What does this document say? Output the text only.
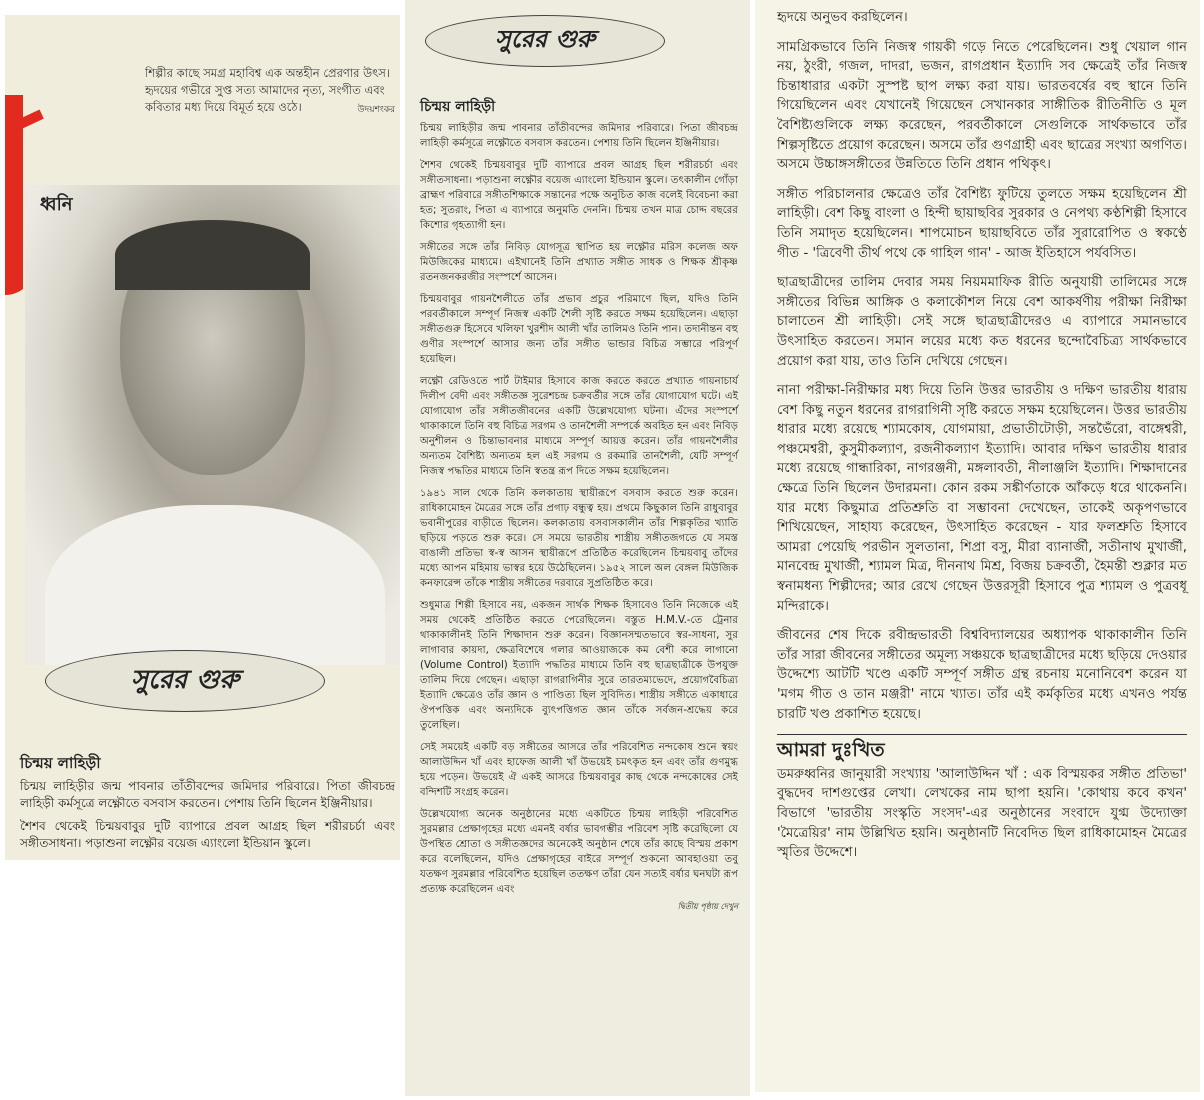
শিল্পীর কাছে সমগ্র মহাবিশ্ব এক অন্তহীন প্রেরণার উৎস। হৃদয়ের গভীরে সুপ্ত সত্য আমাদের নৃত্য, সংগীত এবং কবিতার মধ্য দিয়ে বিমূর্ত হয়ে ওঠে।	উদয়শংকর
ধ্বনি
সুরের গুরু
চিন্ময় লাহিড়ী

চিন্ময় লাহিড়ীর জন্ম পাবনার তাঁতীবন্দের জমিদার পরিবারে। পিতা জীবচন্দ্র লাহিড়ী কর্মসূত্রে লক্ষ্ণৌতে বসবাস করতেন। পেশায় তিনি ছিলেন ইঞ্জিনীয়ার।

শৈশব থেকেই চিন্ময়বাবুর দুটি ব্যাপারে প্রবল আগ্রহ ছিল শরীরচর্চা এবং সঙ্গীতসাধনা। পড়াশুনা লক্ষ্ণৌর বয়েজ এ্যাংলো ইন্ডিয়ান স্কুলে।

সুরের গুরু
চিন্ময় লাহিড়ী

চিন্ময় লাহিড়ীর জন্ম পাবনার তাঁতীবন্দের জমিদার পরিবারে। পিতা জীবচন্দ্র লাহিড়ী কর্মসূত্রে লক্ষ্ণৌতে বসবাস করতেন। পেশায় তিনি ছিলেন ইঞ্জিনীয়ার।

শৈশব থেকেই চিন্ময়বাবুর দুটি ব্যাপারে প্রবল আগ্রহ ছিল শরীরচর্চা এবং সঙ্গীতসাধনা। পড়াশুনা লক্ষ্ণৌর বয়েজ এ্যাংলো ইন্ডিয়ান স্কুলে। তৎকালীন গোঁড়া ব্রাহ্মণ পরিবারে সঙ্গীতশিক্ষাকে সন্তানের পক্ষে অনুচিত কাজ বলেই বিবেচনা করা হত; সুতরাং, পিতা এ ব্যাপারে অনুমতি দেননি। চিন্ময় তখন মাত্র চোদ্দ বছরের কিশোর গৃহত্যাগী হন।

সঙ্গীতের সঙ্গে তাঁর নিবিড় যোগসূত্র স্থাপিত হয় লক্ষ্ণৌর মরিস কলেজ অফ মিউজিকের মাধ্যমে। এইখানেই তিনি প্রখ্যাত সঙ্গীত সাধক ও শিক্ষক শ্রীকৃষ্ণ রতনজনকরজীর সংস্পর্শে আসেন।

চিন্ময়বাবুর গায়নশৈলীতে তাঁর প্রভাব প্রচুর পরিমাণে ছিল, যদিও তিনি পরবর্তীকালে সম্পূর্ণ নিজস্ব একটি শৈলী সৃষ্টি করতে সক্ষম হয়েছিলেন। এছাড়া সঙ্গীতগুরু হিসেবে খলিফা খুরশীদ আলী খাঁর তালিমও তিনি পান। তদানীন্তন বহু গুণীর সংস্পর্শে আসার জন্য তাঁর সঙ্গীত ভান্ডার বিচিত্র সম্ভারে পরিপূর্ণ হয়েছিল।

লক্ষ্ণৌ রেডিওতে পার্ট টাইমার হিসাবে কাজ করতে করতে প্রখ্যাত গায়নাচার্য দিলীপ বেদী এবং সঙ্গীতজ্ঞ সুরেশচন্দ্র চক্রবর্তীর সঙ্গে তাঁর যোগাযোগ ঘটে। এই যোগাযোগ তাঁর সঙ্গীতজীবনের একটি উল্লেখযোগ্য ঘটনা। এঁদের সংস্পর্শে থাকাকালে তিনি বহু বিচিত্র সরগম ও তানশৈলী সম্পর্কে অবহিত হন এবং নিবিড় অনুশীলন ও চিন্তাভাবনার মাধ্যমে সম্পূর্ণ আয়ত্ত করেন। তাঁর গায়নশৈলীর অন্যতম বৈশিষ্ট্য অন্যতম হল এই সরগম ও রকমারি তানশৈলী, যেটি সম্পূর্ণ নিজস্ব পদ্ধতির মাধ্যমে তিনি স্বতন্ত্র রূপ দিতে সক্ষম হয়েছিলেন।

১৯৪১ সাল থেকে তিনি কলকাতায় স্থায়ীরূপে বসবাস করতে শুরু করেন। রাধিকামোহন মৈত্রের সঙ্গে তাঁর প্রগাঢ় বন্ধুত্ব হয়। প্রথমে কিছুকাল তিনি রাধুবাবুর ভবানীপুরের বাড়ীতে ছিলেন। কলকাতায় বসবাসকালীন তাঁর শিল্পকৃতির খ্যাতি ছড়িয়ে পড়তে শুরু করে। সে সময়ে ভারতীয় শাস্ত্রীয় সঙ্গীতজগতে যে সমস্ত বাঙালী প্রতিভা স্ব-স্ব আসন স্থায়ীরূপে প্রতিষ্ঠিত করেছিলেন চিন্ময়বাবু তাঁদের মধ্যে আপন মহিমায় ভাস্বর হয়ে উঠেছিলেন। ১৯৫২ সালে অল বেঙ্গল মিউজিক কনফারেন্স তাঁকে শাস্ত্রীয় সঙ্গীতের দরবারে সুপ্রতিষ্ঠিত করে।

শুধুমাত্র শিল্পী হিসাবে নয়, একজন সার্থক শিক্ষক হিসাবেও তিনি নিজেকে এই সময় থেকেই প্রতিষ্ঠিত করতে পেরেছিলেন। বস্তুত H.M.V.-তে ট্রেনার থাকাকালীনই তিনি শিক্ষাদান শুরু করেন। বিজ্ঞানসম্মতভাবে স্বর-সাধনা, সুর লাগাবার কায়দা, ক্ষেত্রবিশেষে গলার আওয়াজকে কম বেশী করে লাগানো (Volume Control) ইত্যাদি পদ্ধতির মাধ্যমে তিনি বহু ছাত্রছাত্রীকে উপযুক্ত তালিম দিয়ে গেছেন। এছাড়া রাগরাগিনীর সুরে তারতম্যভেদে, প্রয়োগবৈচিত্র্য ইত্যাদি ক্ষেত্রেও তাঁর জ্ঞান ও পাণ্ডিত্য ছিল সুবিদিত। শাস্ত্রীয় সঙ্গীতে একাধারে ঔপপত্তিক এবং অন্যদিকে ব্যুৎপত্তিগত জ্ঞান তাঁকে সর্বজন-শ্রদ্ধেয় করে তুলেছিল।

সেই সময়েই একটি বড় সঙ্গীতের আসরে তাঁর পরিবেশিত নন্দকোষ শুনে স্বয়ং আলাউদ্দিন খাঁ এবং হাফেজ আলী খাঁ উভয়েই চমৎকৃত হন এবং তাঁর গুণমুগ্ধ হয়ে পড়েন। উভয়েই ঐ একই আসরে চিন্ময়বাবুর কাছ থেকে নন্দকোষের সেই বন্দিশটি সংগ্রহ করেন।

উল্লেখযোগ্য অনেক অনুষ্ঠানের মধ্যে একটিতে চিন্ময় লাহিড়ী পরিবেশিত সুরমল্লার প্রেক্ষাগৃহের মধ্যে এমনই বর্ষার ভাবগম্ভীর পরিবেশ সৃষ্টি করেছিলো যে উপস্থিত শ্রোতা ও সঙ্গীতজ্ঞদের অনেকেই অনুষ্ঠান শেষে তাঁর কাছে বিস্ময় প্রকাশ করে বলেছিলেন, যদিও প্রেক্ষাগৃহের বাইরে সম্পূর্ণ শুকনো আবহাওয়া তবু যতক্ষণ সুরমল্লার পরিবেশিত হয়েছিল ততক্ষণ তাঁরা যেন সত্যই বর্ষার ঘনঘটা রূপ প্রত্যক্ষ করেছিলেন এবং

দ্বিতীয় পৃষ্ঠায় দেখুন

হৃদয়ে অনুভব করছিলেন।

সামগ্রিকভাবে তিনি নিজস্ব গায়কী গড়ে নিতে পেরেছিলেন। শুধু খেয়াল গান নয়, ঠুংরী, গজল, দাদরা, ভজন, রাগপ্রধান ইত্যাদি সব ক্ষেত্রেই তাঁর নিজস্ব চিন্তাধারার একটা সুস্পষ্ট ছাপ লক্ষ্য করা যায়। ভারতবর্ষের বহু স্থানে তিনি গিয়েছিলেন এবং যেখানেই গিয়েছেন সেখানকার সাঙ্গীতিক রীতিনীতি ও মূল বৈশিষ্ট্যগুলিকে লক্ষ্য করেছেন, পরবর্তীকালে সেগুলিকে সার্থকভাবে তাঁর শিল্পসৃষ্টিতে প্রয়োগ করেছেন। অসমে তাঁর গুণগ্রাহী এবং ছাত্রের সংখ্যা অগণিত। অসমে উচ্চাঙ্গসঙ্গীতের উন্নতিতে তিনি প্রধান পথিকৃৎ।

সঙ্গীত পরিচালনার ক্ষেত্রেও তাঁর বৈশিষ্ট্য ফুটিয়ে তুলতে সক্ষম হয়েছিলেন শ্রী লাহিড়ী। বেশ কিছু বাংলা ও হিন্দী ছায়াছবির সুরকার ও নেপথ্য কণ্ঠশিল্পী হিসাবে তিনি সমাদৃত হয়েছিলেন। শাপমোচন ছায়াছবিতে তাঁর সুরারোপিত ও স্বকণ্ঠে গীত - 'ত্রিবেণী তীর্থ পথে কে গাহিল গান' - আজ ইতিহাসে পর্যবসিত।

ছাত্রছাত্রীদের তালিম দেবার সময় নিয়মমাফিক রীতি অনুযায়ী তালিমের সঙ্গে সঙ্গীতের বিভিন্ন আঙ্গিক ও কলাকৌশল নিয়ে বেশ আকর্ষণীয় পরীক্ষা নিরীক্ষা চালাতেন শ্রী লাহিড়ী। সেই সঙ্গে ছাত্রছাত্রীদেরও এ ব্যাপারে সমানভাবে উৎসাহিত করতেন। সমান লয়ের মধ্যে কত ধরনের ছন্দোবৈচিত্র্য সার্থকভাবে প্রয়োগ করা যায়, তাও তিনি দেখিয়ে গেছেন।

নানা পরীক্ষা-নিরীক্ষার মধ্য দিয়ে তিনি উত্তর ভারতীয় ও দক্ষিণ ভারতীয় ধারায় বেশ কিছু নতুন ধরনের রাগরাগিনী সৃষ্টি করতে সক্ষম হয়েছিলেন। উত্তর ভারতীয় ধারার মধ্যে রয়েছে শ্যামকোষ, যোগমায়া, প্রভাতীটোড়ী, সন্তভৈঁরো, বাঙ্গেশ্বরী, পঞ্চমেশ্বরী, কুসুমীকল্যাণ, রজনীকল্যাণ ইত্যাদি। আবার দক্ষিণ ভারতীয় ধারার মধ্যে রয়েছে গান্ধারিকা, নাগরঞ্জনী, মঙ্গলাবতী, নীলাঞ্জলি ইত্যাদি। শিক্ষাদানের ক্ষেত্রে তিনি ছিলেন উদারমনা। কোন রকম সঙ্কীর্ণতাকে আঁকড়ে ধরে থাকেননি। যার মধ্যে কিছুমাত্র প্রতিশ্রুতি বা সম্ভাবনা দেখেছেন, তাকেই অকৃপণভাবে শিখিয়েছেন, সাহায্য করেছেন, উৎসাহিত করেছেন - যার ফলশ্রুতি হিসাবে আমরা পেয়েছি পরভীন সুলতানা, শিপ্রা বসু, মীরা ব্যানার্জী, সতীনাথ মুখার্জী, মানবেন্দ্র মুখার্জী, শ্যামল মিত্র, দীননাথ মিশ্র, বিজয় চক্রবর্তী, হৈমন্তী শুক্লার মত স্বনামধন্য শিল্পীদের; আর রেখে গেছেন উত্তরসূরী হিসাবে পুত্র শ্যামল ও পুত্রবধূ মন্দিরাকে।

জীবনের শেষ দিকে রবীন্দ্রভারতী বিশ্ববিদ্যালয়ের অধ্যাপক থাকাকালীন তিনি তাঁর সারা জীবনের সঙ্গীতের অমূল্য সঞ্চয়কে ছাত্রছাত্রীদের মধ্যে ছড়িয়ে দেওয়ার উদ্দেশ্যে আটটি খণ্ডে একটি সম্পূর্ণ সঙ্গীত গ্রন্থ রচনায় মনোনিবেশ করেন যা 'মগম গীত ও তান মঞ্জরী' নামে খ্যাত। তাঁর এই কর্মকৃতির মধ্যে এখনও পর্যন্ত চারটি খণ্ড প্রকাশিত হয়েছে।

আমরা দুঃখিত

ডমরুধ্বনির জানুয়ারী সংখ্যায় 'আলাউদ্দিন খাঁ : এক বিস্ময়কর সঙ্গীত প্রতিভা' বুদ্ধদেব দাশগুপ্তের লেখা। লেখকের নাম ছাপা হয়নি। 'কোথায় কবে কখন' বিভাগে 'ভারতীয় সংস্কৃতি সংসদ'-এর অনুষ্ঠানের সংবাদে যুগ্ম উদ্যোক্তা 'মৈত্রেয়ির' নাম উল্লিখিত হয়নি। অনুষ্ঠানটি নিবেদিত ছিল রাধিকামোহন মৈত্রের স্মৃতির উদ্দেশে।
